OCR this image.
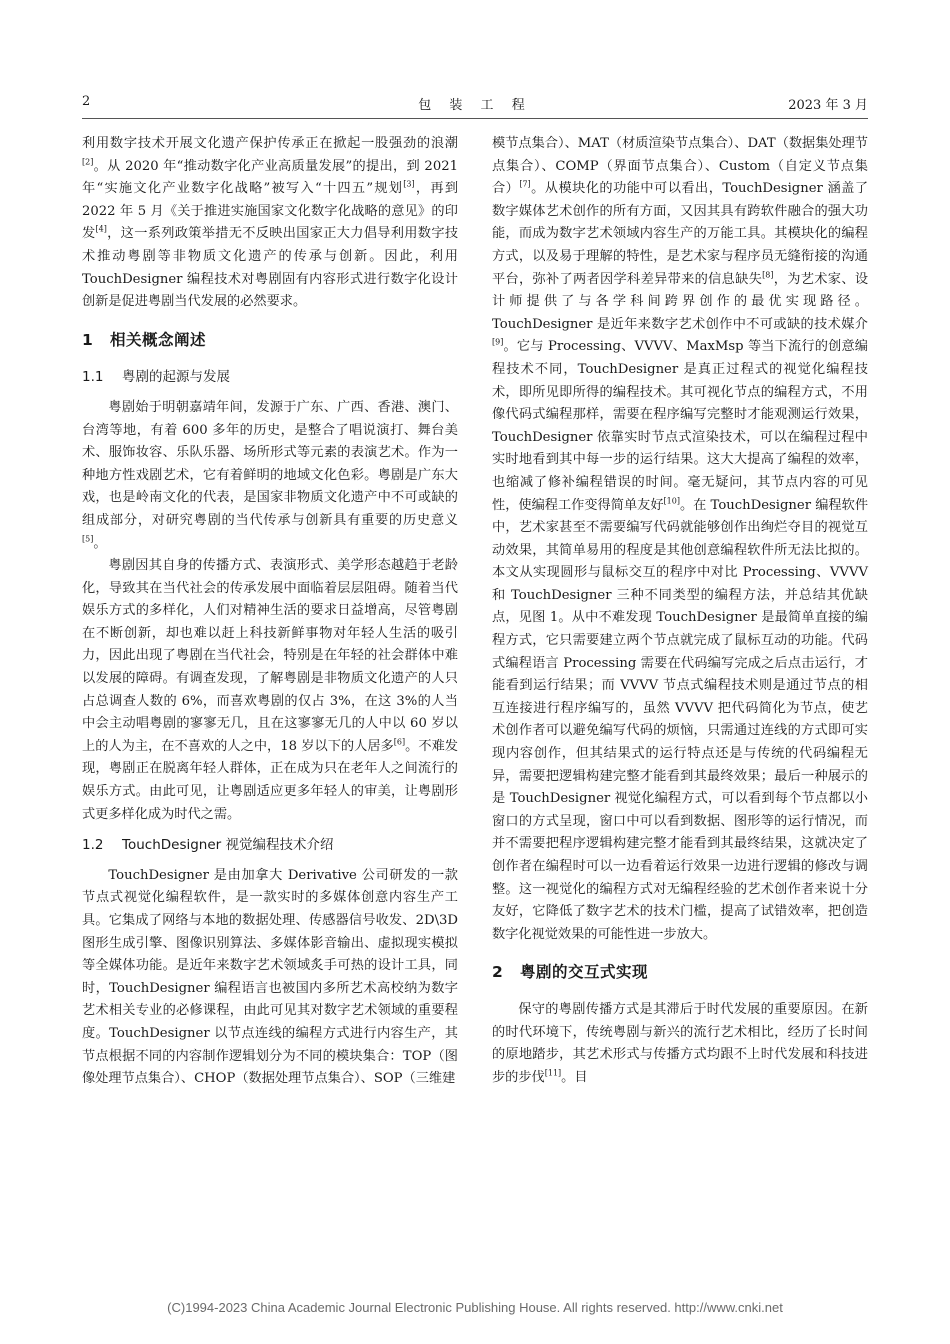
2	包 装 工 程	2023 年 3 月

利用数字技术开展文化遗产保护传承正在掀起一股强劲的浪潮[2]。从 2020 年“推动数字化产业高质量发展”的提出，到 2021 年“实施文化产业数字化战略”被写入“十四五”规划[3]，再到 2022 年 5 月《关于推进实施国家文化数字化战略的意见》的印发[4]，这一系列政策举措无不反映出国家正大力倡导利用数字技术推动粤剧等非物质文化遗产的传承与创新。因此，利用 TouchDesigner 编程技术对粤剧固有内容形式进行数字化设计创新是促进粤剧当代发展的必然要求。

1 相关概念阐述
1.1 粤剧的起源与发展

粤剧始于明朝嘉靖年间，发源于广东、广西、香港、澳门、台湾等地，有着 600 多年的历史，是整合了唱说演打、舞台美术、服饰妆容、乐队乐器、场所形式等元素的表演艺术。作为一种地方性戏剧艺术，它有着鲜明的地域文化色彩。粤剧是广东大戏，也是岭南文化的代表，是国家非物质文化遗产中不可或缺的组成部分，对研究粤剧的当代传承与创新具有重要的历史意义[5]。

粤剧因其自身的传播方式、表演形式、美学形态越趋于老龄化，导致其在当代社会的传承发展中面临着层层阻碍。随着当代娱乐方式的多样化，人们对精神生活的要求日益增高，尽管粤剧在不断创新，却也难以赶上科技新鲜事物对年轻人生活的吸引力，因此出现了粤剧在当代社会，特别是在年轻的社会群体中难以发展的障碍。有调查发现，了解粤剧是非物质文化遗产的人只占总调查人数的 6%，而喜欢粤剧的仅占 3%，在这 3%的人当中会主动唱粤剧的寥寥无几，且在这寥寥无几的人中以 60 岁以上的人为主，在不喜欢的人之中，18 岁以下的人居多[6]。不难发现，粤剧正在脱离年轻人群体，正在成为只在老年人之间流行的娱乐方式。由此可见，让粤剧适应更多年轻人的审美，让粤剧形式更多样化成为时代之需。

1.2 TouchDesigner 视觉编程技术介绍

TouchDesigner 是由加拿大 Derivative 公司研发的一款节点式视觉化编程软件，是一款实时的多媒体创意内容生产工具。它集成了网络与本地的数据处理、传感器信号收发、2D\3D 图形生成引擎、图像识别算法、多媒体影音输出、虚拟现实模拟等全媒体功能。是近年来数字艺术领域炙手可热的设计工具，同时，TouchDesigner 编程语言也被国内多所艺术高校纳为数字艺术相关专业的必修课程，由此可见其对数字艺术领域的重要程度。TouchDesigner 以节点连线的编程方式进行内容生产，其节点根据不同的内容制作逻辑划分为不同的模块集合：TOP（图像处理节点集合）、CHOP（数据处理节点集合）、SOP（三维建

模节点集合）、MAT（材质渲染节点集合）、DAT（数据集处理节点集合）、COMP（界面节点集合）、Custom（自定义节点集合）[7]。从模块化的功能中可以看出，TouchDesigner 涵盖了数字媒体艺术创作的所有方面，又因其具有跨软件融合的强大功能，而成为数字艺术领域内容生产的万能工具。其模块化的编程方式，以及易于理解的特性，是艺术家与程序员无缝衔接的沟通平台，弥补了两者因学科差异带来的信息缺失[8]，为艺术家、设计师提供了与各学科间跨界创作的最优实现路径。TouchDesigner 是近年来数字艺术创作中不可或缺的技术媒介[9]。它与 Processing、VVVV、MaxMsp 等当下流行的创意编程技术不同，TouchDesigner 是真正过程式的视觉化编程技术，即所见即所得的编程技术。其可视化节点的编程方式，不用像代码式编程那样，需要在程序编写完整时才能观测运行效果，TouchDesigner 依靠实时节点式渲染技术，可以在编程过程中实时地看到其中每一步的运行结果。这大大提高了编程的效率，也缩减了修补编程错误的时间。毫无疑问，其节点内容的可见性，使编程工作变得简单友好[10]。在 TouchDesigner 编程软件中，艺术家甚至不需要编写代码就能够创作出绚烂夺目的视觉互动效果，其简单易用的程度是其他创意编程软件所无法比拟的。本文从实现圆形与鼠标交互的程序中对比 Processing、VVVV 和 TouchDesigner 三种不同类型的编程方法，并总结其优缺点，见图 1。从中不难发现 TouchDesigner 是最简单直接的编程方式，它只需要建立两个节点就完成了鼠标互动的功能。代码式编程语言 Processing 需要在代码编写完成之后点击运行，才能看到运行结果；而 VVVV 节点式编程技术则是通过节点的相互连接进行程序编写的，虽然 VVVV 把代码简化为节点，使艺术创作者可以避免编写代码的烦恼，只需通过连线的方式即可实现内容创作，但其结果式的运行特点还是与传统的代码编程无异，需要把逻辑构建完整才能看到其最终效果；最后一种展示的是 TouchDesigner 视觉化编程方式，可以看到每个节点都以小窗口的方式呈现，窗口中可以看到数据、图形等的运行情况，而并不需要把程序逻辑构建完整才能看到其最终结果，这就决定了创作者在编程时可以一边看着运行效果一边进行逻辑的修改与调整。这一视觉化的编程方式对无编程经验的艺术创作者来说十分友好，它降低了数字艺术的技术门槛，提高了试错效率，把创造数字化视觉效果的可能性进一步放大。

2 粤剧的交互式实现

保守的粤剧传播方式是其滞后于时代发展的重要原因。在新的时代环境下，传统粤剧与新兴的流行艺术相比，经历了长时间的原地踏步，其艺术形式与传播方式均跟不上时代发展和科技进步的步伐[11]。目

(C)1994-2023 China Academic Journal Electronic Publishing House. All rights reserved. http://www.cnki.net
